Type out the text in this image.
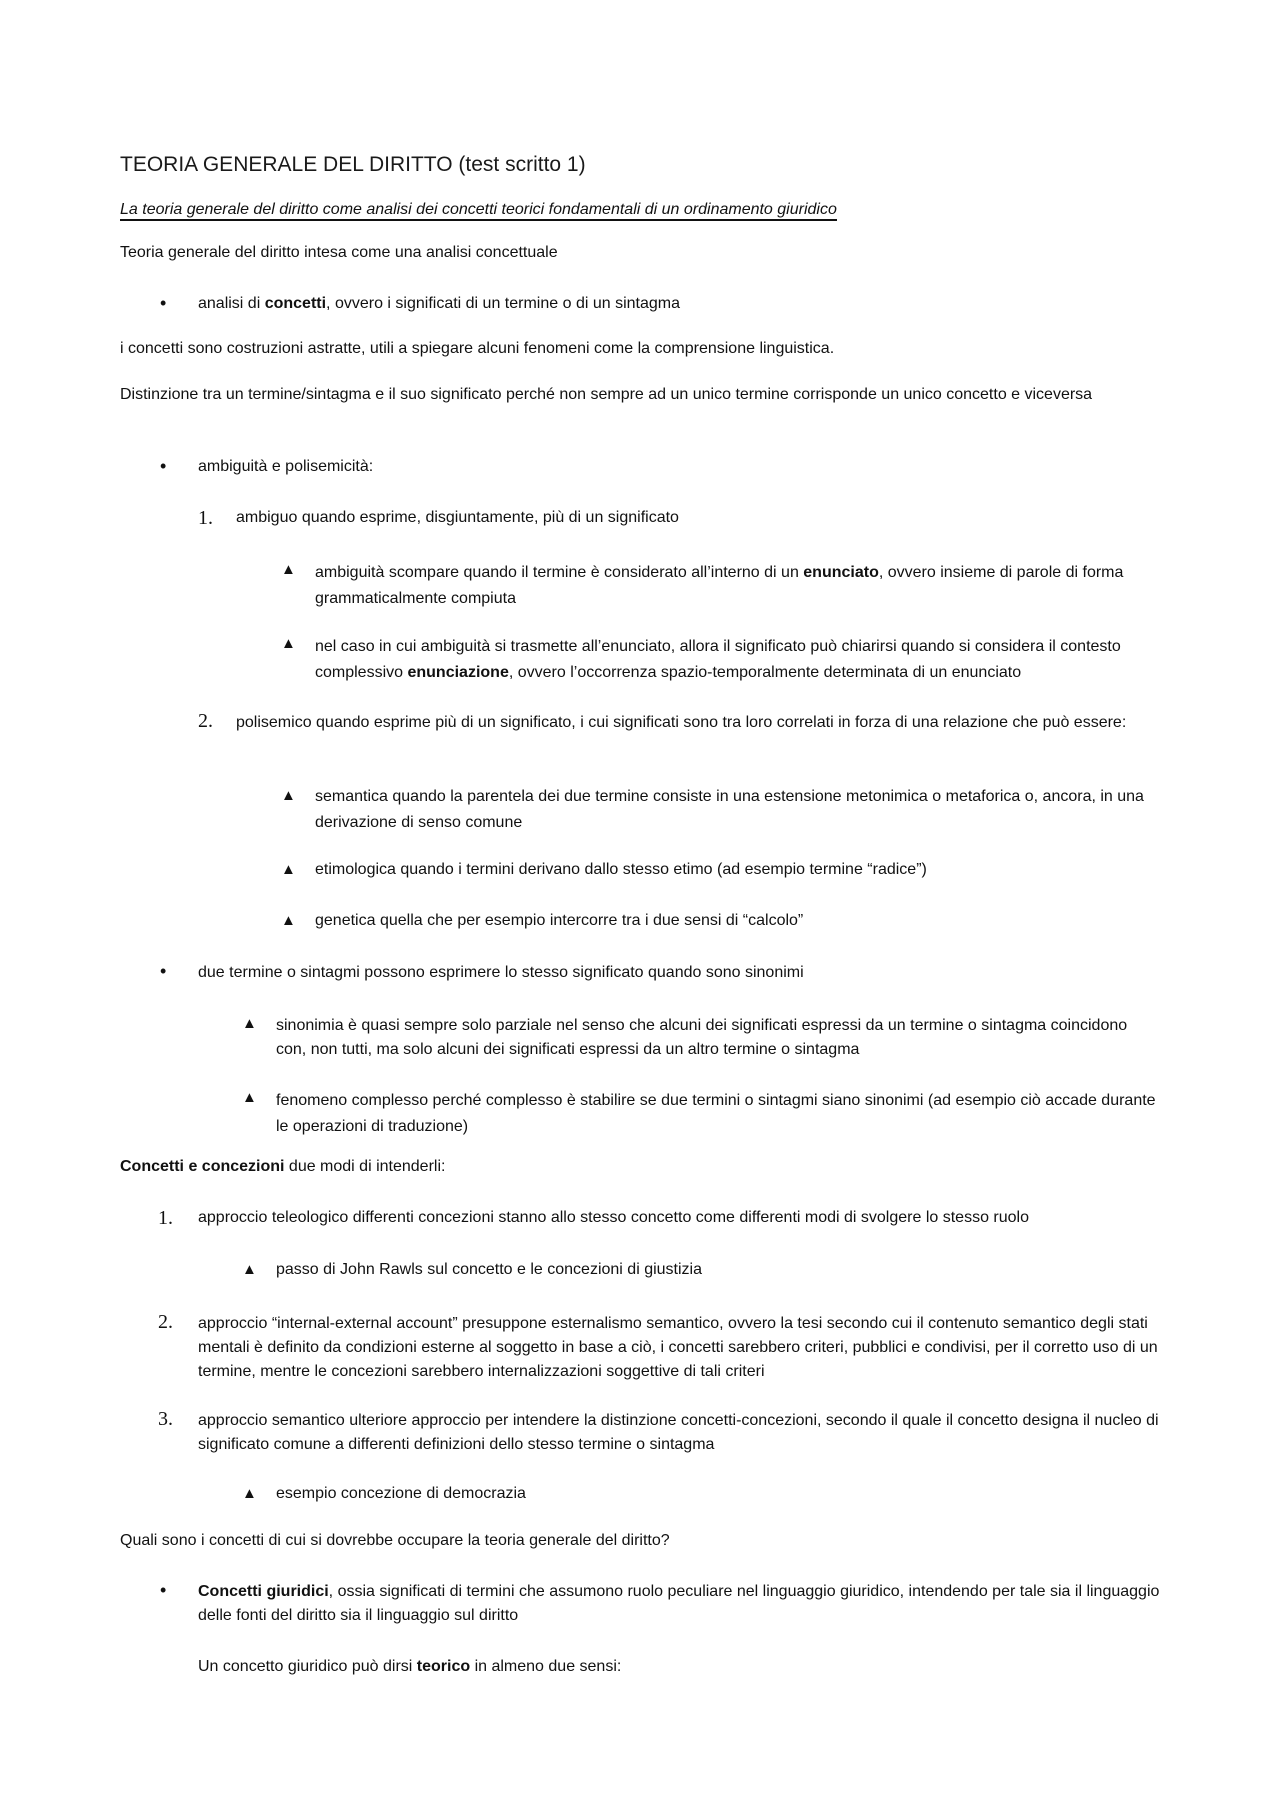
TEORIA GENERALE DEL DIRITTO (test scritto 1)
La teoria generale del diritto come analisi dei concetti teorici fondamentali di un ordinamento giuridico
Teoria generale del diritto intesa come una analisi concettuale
• analisi di concetti, ovvero i significati di un termine o di un sintagma
i concetti sono costruzioni astratte, utili a spiegare alcuni fenomeni come la comprensione linguistica.
Distinzione tra un termine/sintagma e il suo significato perché non sempre ad un unico termine corrisponde un unico concetto e viceversa
• ambiguità e polisemicità:
1. ambiguo quando esprime, disgiuntamente, più di un significato
▲ ambiguità scompare quando il termine è considerato all’interno di un enunciato, ovvero insieme di parole di forma grammaticalmente compiuta
▲ nel caso in cui ambiguità si trasmette all’enunciato, allora il significato può chiarirsi quando si considera il contesto complessivo enunciazione, ovvero l’occorrenza spazio-temporalmente determinata di un enunciato
2. polisemico quando esprime più di un significato, i cui significati sono tra loro correlati in forza di una relazione che può essere:
▲ semantica quando la parentela dei due termine consiste in una estensione metonimica o metaforica o, ancora, in una derivazione di senso comune
▲ etimologica quando i termini derivano dallo stesso etimo (ad esempio termine “radice”)
▲ genetica quella che per esempio intercorre tra i due sensi di “calcolo”
• due termine o sintagmi possono esprimere lo stesso significato quando sono sinonimi
▲ sinonimia è quasi sempre solo parziale nel senso che alcuni dei significati espressi da un termine o sintagma coincidono con, non tutti, ma solo alcuni dei significati espressi da un altro termine o sintagma
▲ fenomeno complesso perché complesso è stabilire se due termini o sintagmi siano sinonimi (ad esempio ciò accade durante le operazioni di traduzione)
Concetti e concezioni due modi di intenderli:
1. approccio teleologico differenti concezioni stanno allo stesso concetto come differenti modi di svolgere lo stesso ruolo
▲ passo di John Rawls sul concetto e le concezioni di giustizia
2. approccio “internal-external account” presuppone esternalismo semantico, ovvero la tesi secondo cui il contenuto semantico degli stati mentali è definito da condizioni esterne al soggetto in base a ciò, i concetti sarebbero criteri, pubblici e condivisi, per il corretto uso di un termine, mentre le concezioni sarebbero internalizzazioni soggettive di tali criteri
3. approccio semantico ulteriore approccio per intendere la distinzione concetti-concezioni, secondo il quale il concetto designa il nucleo di significato comune a differenti definizioni dello stesso termine o sintagma
▲ esempio concezione di democrazia
Quali sono i concetti di cui si dovrebbe occupare la teoria generale del diritto?
• Concetti giuridici, ossia significati di termini che assumono ruolo peculiare nel linguaggio giuridico, intendendo per tale sia il linguaggio delle fonti del diritto sia il linguaggio sul diritto
Un concetto giuridico può dirsi teorico in almeno due sensi:
